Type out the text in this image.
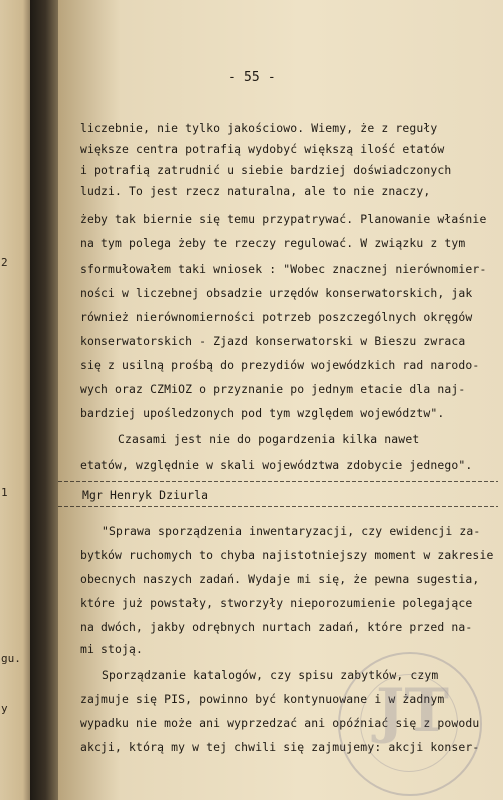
2
1
gu.
y
- 55 -
liczebnie, nie tylko jakościowo. Wiemy, że z reguły
większe centra potrafią wydobyć większą ilość etatów
i potrafią zatrudnić u siebie bardziej doświadczonych
ludzi. To jest rzecz naturalna, ale to nie znaczy,
żeby tak biernie się temu przypatrywać. Planowanie właśnie
na tym polega żeby te rzeczy regulować. W związku z tym
sformułowałem taki wniosek : "Wobec znacznej nierównomier-
ności w liczebnej obsadzie urzędów konserwatorskich, jak
również nierównomierności potrzeb poszczególnych okręgów
konserwatorskich - Zjazd konserwatorski w Bieszu zwraca
się z usilną prośbą do prezydiów wojewódzkich rad narodo-
wych oraz CZMiOZ o przyznanie po jednym etacie dla naj-
bardziej upośledzonych pod tym względem województw".
Czasami jest nie do pogardzenia kilka nawet
etatów, względnie w skali województwa zdobycie jednego".
Mgr Henryk Dziurla
"Sprawa sporządzenia inwentaryzacji, czy ewidencji za-
bytków ruchomych to chyba najistotniejszy moment w zakresie
obecnych naszych zadań. Wydaje mi się, że pewna sugestia,
które już powstały, stworzyły nieporozumienie polegające
na dwóch, jakby odrębnych nurtach zadań, które przed na-
mi stoją.
Sporządzanie katalogów, czy spisu zabytków, czym
zajmuje się PIS, powinno być kontynuowane i w żadnym
wypadku nie może ani wyprzedzać ani opóźniać się z powodu
akcji, którą my w tej chwili się zajmujemy: akcji konser-
JT
